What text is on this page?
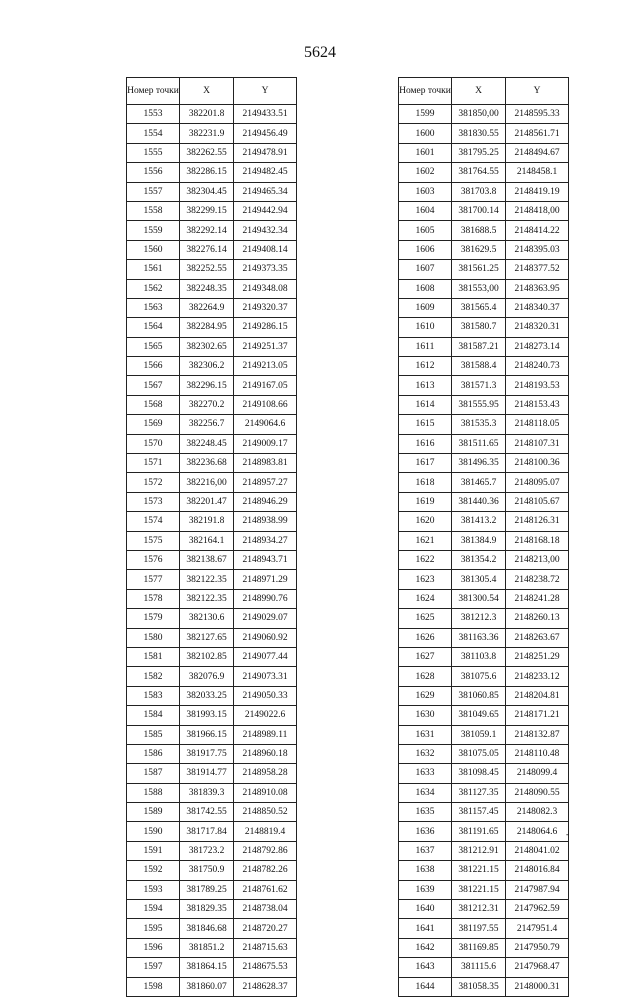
5624
Номер точки	X	Y
1553	382201.8	2149433.51
1554	382231.9	2149456.49
1555	382262.55	2149478.91
1556	382286.15	2149482.45
1557	382304.45	2149465.34
1558	382299.15	2149442.94
1559	382292.14	2149432.34
1560	382276.14	2149408.14
1561	382252.55	2149373.35
1562	382248.35	2149348.08
1563	382264.9	2149320.37
1564	382284.95	2149286.15
1565	382302.65	2149251.37
1566	382306.2	2149213.05
1567	382296.15	2149167.05
1568	382270.2	2149108.66
1569	382256.7	2149064.6
1570	382248.45	2149009.17
1571	382236.68	2148983.81
1572	382216,00	2148957.27
1573	382201.47	2148946.29
1574	382191.8	2148938.99
1575	382164.1	2148934.27
1576	382138.67	2148943.71
1577	382122.35	2148971.29
1578	382122.35	2148990.76
1579	382130.6	2149029.07
1580	382127.65	2149060.92
1581	382102.85	2149077.44
1582	382076.9	2149073.31
1583	382033.25	2149050.33
1584	381993.15	2149022.6
1585	381966.15	2148989.11
1586	381917.75	2148960.18
1587	381914.77	2148958.28
1588	381839.3	2148910.08
1589	381742.55	2148850.52
1590	381717.84	2148819.4
1591	381723.2	2148792.86
1592	381750.9	2148782.26
1593	381789.25	2148761.62
1594	381829.35	2148738.04
1595	381846.68	2148720.27
1596	381851.2	2148715.63
1597	381864.15	2148675.53
1598	381860.07	2148628.37
Номер точки	X	Y
1599	381850,00	2148595.33
1600	381830.55	2148561.71
1601	381795.25	2148494.67
1602	381764.55	2148458.1
1603	381703.8	2148419.19
1604	381700.14	2148418,00
1605	381688.5	2148414.22
1606	381629.5	2148395.03
1607	381561.25	2148377.52
1608	381553,00	2148363.95
1609	381565.4	2148340.37
1610	381580.7	2148320.31
1611	381587.21	2148273.14
1612	381588.4	2148240.73
1613	381571.3	2148193.53
1614	381555.95	2148153.43
1615	381535.3	2148118.05
1616	381511.65	2148107.31
1617	381496.35	2148100.36
1618	381465.7	2148095.07
1619	381440.36	2148105.67
1620	381413.2	2148126.31
1621	381384.9	2148168.18
1622	381354.2	2148213,00
1623	381305.4	2148238.72
1624	381300.54	2148241.28
1625	381212.3	2148260.13
1626	381163.36	2148263.67
1627	381103.8	2148251.29
1628	381075.6	2148233.12
1629	381060.85	2148204.81
1630	381049.65	2148171.21
1631	381059.1	2148132.87
1632	381075.05	2148110.48
1633	381098.45	2148099.4
1634	381127.35	2148090.55
1635	381157.45	2148082.3
1636	381191.65	2148064.6
1637	381212.91	2148041.02
1638	381221.15	2148016.84
1639	381221.15	2147987.94
1640	381212.31	2147962.59
1641	381197.55	2147951.4
1642	381169.85	2147950.79
1643	381115.6	2147968.47
1644	381058.35	2148000.31
-
